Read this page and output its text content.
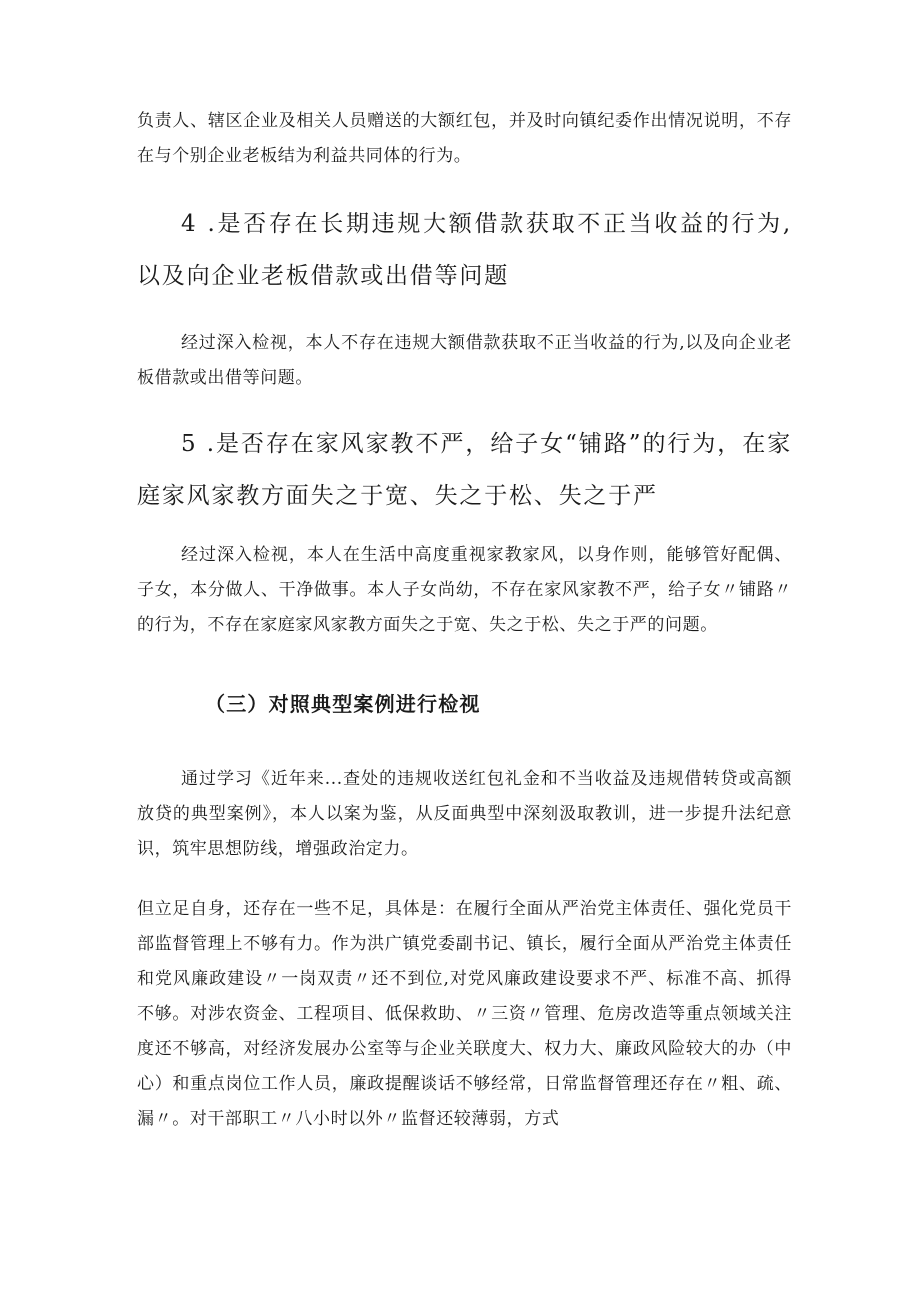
负责人、辖区企业及相关人员赠送的大额红包，并及时向镇纪委作出情况说明，不存在与个别企业老板结为利益共同体的行为。

4 .是否存在长期违规大额借款获取不正当收益的行为,以及向企业老板借款或出借等问题

经过深入检视，本人不存在违规大额借款获取不正当收益的行为,以及向企业老板借款或出借等问题。

5 .是否存在家风家教不严，给子女“铺路”的行为，在家庭家风家教方面失之于宽、失之于松、失之于严

经过深入检视，本人在生活中高度重视家教家风，以身作则，能够管好配偶、子女，本分做人、干净做事。本人子女尚幼，不存在家风家教不严，给子女〃铺路〃的行为，不存在家庭家风家教方面失之于宽、失之于松、失之于严的问题。

（三）对照典型案例进行检视

通过学习《近年来...查处的违规收送红包礼金和不当收益及违规借转贷或高额放贷的典型案例》，本人以案为鉴，从反面典型中深刻汲取教训，进一步提升法纪意识，筑牢思想防线，增强政治定力。

但立足自身，还存在一些不足，具体是：在履行全面从严治党主体责任、强化党员干部监督管理上不够有力。作为洪广镇党委副书记、镇长，履行全面从严治党主体责任和党风廉政建设〃一岗双责〃还不到位,对党风廉政建设要求不严、标准不高、抓得不够。对涉农资金、工程项目、低保救助、〃三资〃管理、危房改造等重点领域关注度还不够高，对经济发展办公室等与企业关联度大、权力大、廉政风险较大的办（中心）和重点岗位工作人员，廉政提醒谈话不够经常，日常监督管理还存在〃粗、疏、漏〃。对干部职工〃八小时以外〃监督还较薄弱，方式
